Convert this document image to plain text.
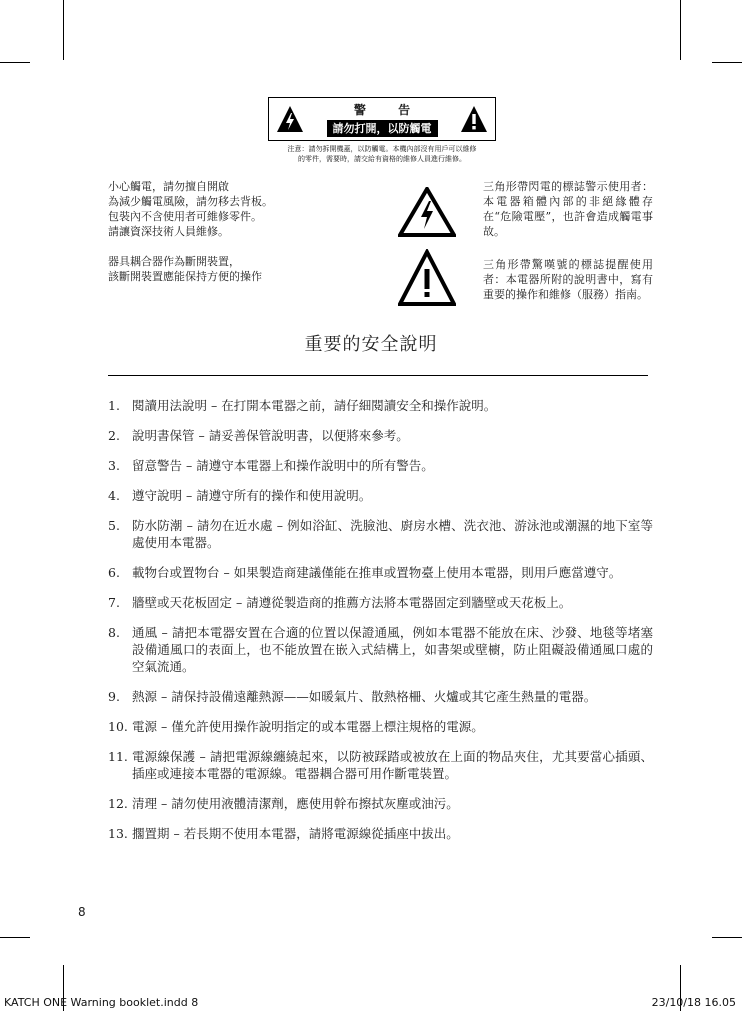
警 告
請勿打開，以防觸電
注意：請勿拆開機蓋，以防觸電。本機內部沒有用戶可以維修
的零件，需要時，請交給有資格的維修人員進行維修。
小心觸電，請勿擅自開啟
為減少觸電風險，請勿移去背板。
包裝內不含使用者可維修零件。
請讓資深技術人員維修。
器具耦合器作為斷開裝置，
該斷開裝置應能保持方便的操作
三角形帶閃電的標誌警示使用者：本電器箱體內部的非絕緣體存在“危險電壓”，也許會造成觸電事故。
三角形帶驚嘆號的標誌提醒使用者：本電器所附的說明書中，寫有重要的操作和維修（服務）指南。
重要的安全說明
1. 閱讀用法說明 – 在打開本電器之前，請仔細閱讀安全和操作說明。
2. 說明書保管 – 請妥善保管說明書，以便將來參考。
3. 留意警告 – 請遵守本電器上和操作說明中的所有警告。
4. 遵守說明 – 請遵守所有的操作和使用說明。
5. 防水防潮 – 請勿在近水處 – 例如浴缸、洗臉池、廚房水槽、洗衣池、游泳池或潮濕的地下室等處使用本電器。
6. 載物台或置物台 – 如果製造商建議僅能在推車或置物臺上使用本電器，則用戶應當遵守。
7. 牆壁或天花板固定 – 請遵從製造商的推薦方法將本電器固定到牆壁或天花板上。
8. 通風 – 請把本電器安置在合適的位置以保證通風，例如本電器不能放在床、沙發、地毯等堵塞設備通風口的表面上，也不能放置在嵌入式結構上，如書架或壁櫥，防止阻礙設備通風口處的空氣流通。
9. 熱源 – 請保持設備遠離熱源——如暖氣片、散熱格柵、火爐或其它產生熱量的電器。
10. 電源 – 僅允許使用操作說明指定的或本電器上標注規格的電源。
11. 電源線保護 – 請把電源線纏繞起來，以防被踩踏或被放在上面的物品夾住，尤其要當心插頭、插座或連接本電器的電源線。電器耦合器可用作斷電裝置。
12. 清理 – 請勿使用液體清潔劑，應使用幹布擦拭灰塵或油污。
13. 擱置期 – 若長期不使用本電器，請將電源線從插座中拔出。
8
KATCH ONE Warning booklet.indd 8	23/10/18 16.05
